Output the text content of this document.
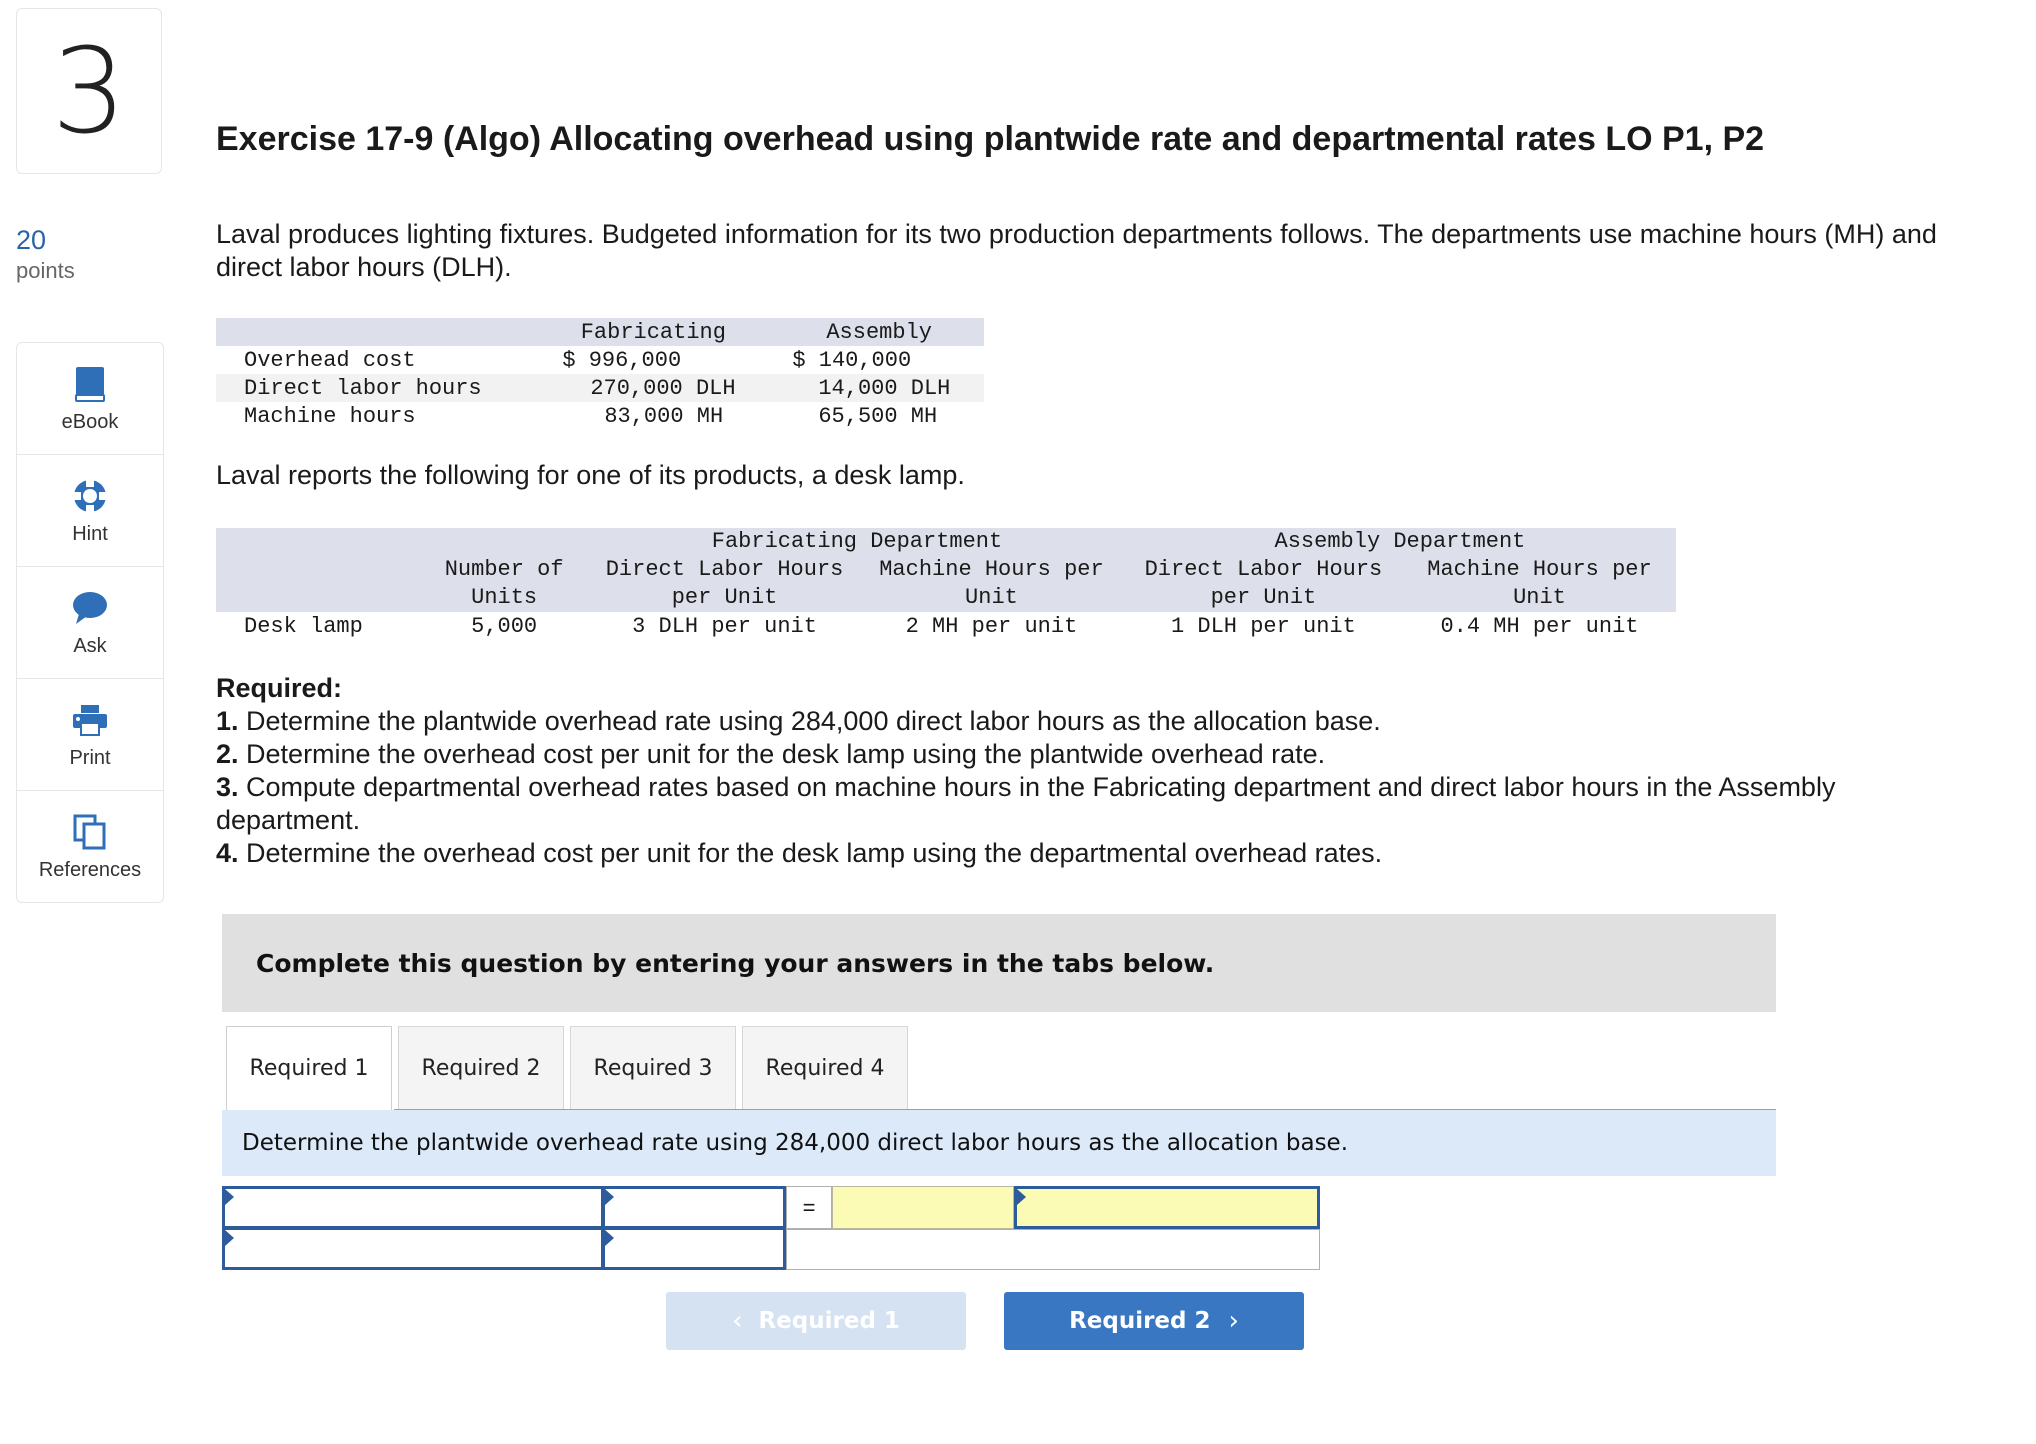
3
20
points
eBook
Hint
Ask
Print
References
Exercise 17-9 (Algo) Allocating overhead using plantwide rate and departmental rates LO P1, P2

Laval produces lighting fixtures. Budgeted information for its two production departments follows. The departments use machine hours (MH) and direct labor hours (DLH).

	Fabricating	Assembly
Overhead cost	$ 996,000	$ 140,000
Direct labor hours	270,000 DLH	14,000 DLH
Machine hours	83,000 MH	65,500 MH

Laval reports the following for one of its products, a desk lamp.

		Fabricating Department		Assembly Department	
	Number of	Direct Labor Hours	Machine Hours per	Direct Labor Hours	Machine Hours per
	Units	per Unit	Unit	per Unit	Unit
Desk lamp	5,000	3 DLH per unit	2 MH per unit	1 DLH per unit	0.4 MH per unit
Required:
1. Determine the plantwide overhead rate using 284,000 direct labor hours as the allocation base.
2. Determine the overhead cost per unit for the desk lamp using the plantwide overhead rate.
3. Compute departmental overhead rates based on machine hours in the Fabricating department and direct labor hours in the Assembly department.
4. Determine the overhead cost per unit for the desk lamp using the departmental overhead rates.
Complete this question by entering your answers in the tabs below.
Required 1	Required 2	Required 3	Required 4
Determine the plantwide overhead rate using 284,000 direct labor hours as the allocation base.
=
‹ Required 1	Required 2 ›
